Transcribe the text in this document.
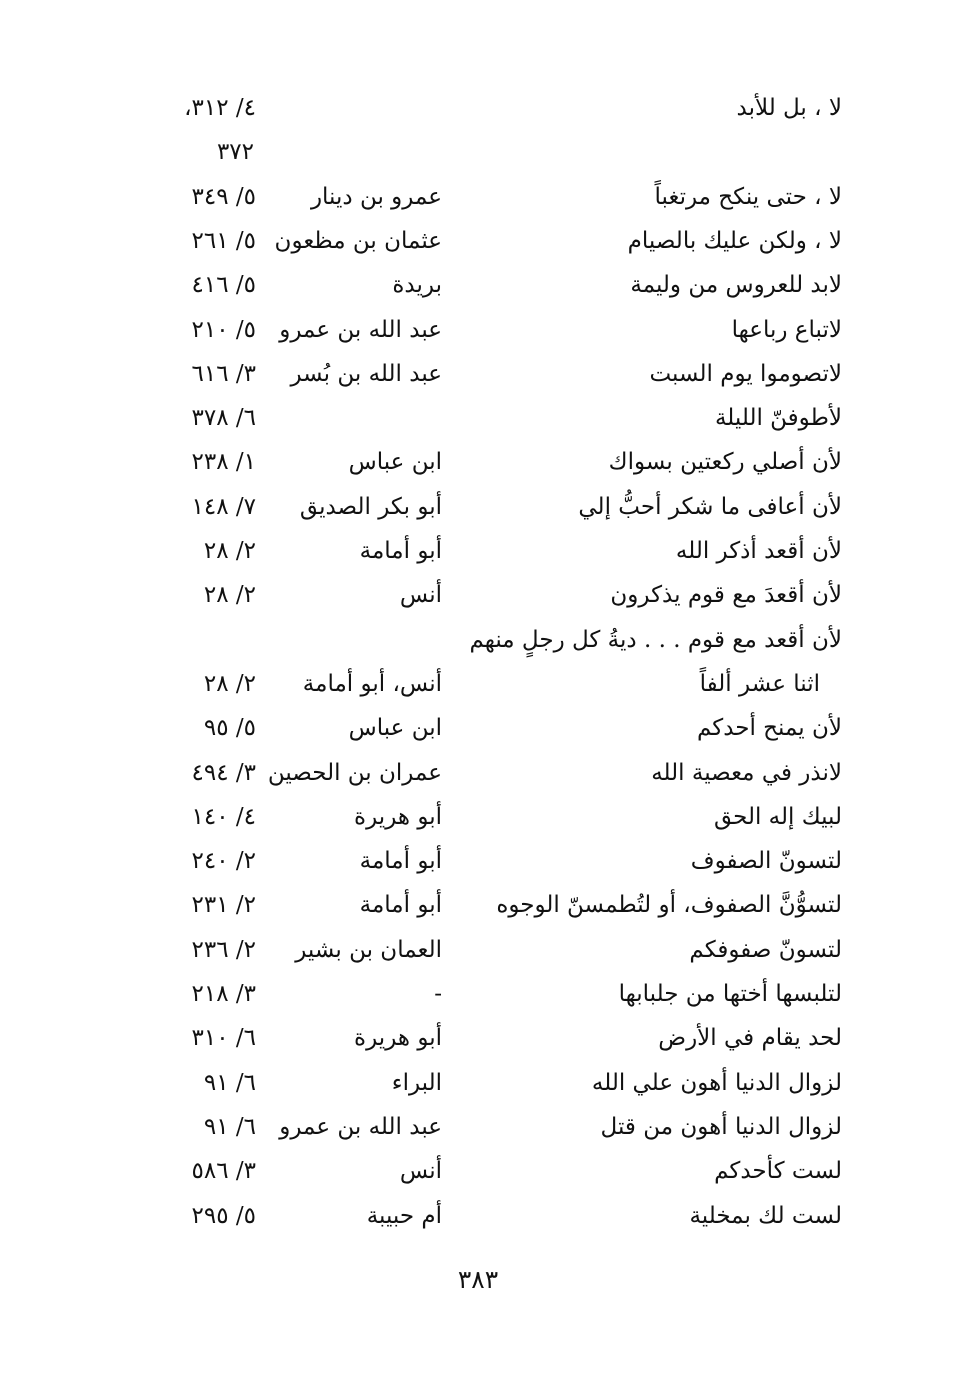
لا ، بل للأبد
٤/ ٣١٢،
٣٧٢
لا ، حتى ينكح مرتغباً
عمرو بن دينار
٥/ ٣٤٩
لا ، ولكن عليك بالصيام
عثمان بن مظعون
٥/ ٢٦١
لابد للعروس من وليمة
بريدة
٥/ ٤١٦
لاتباع رباعها
عبد الله بن عمرو
٥/ ٢١٠
لاتصوموا يوم السبت
عبد الله بن بُسر
٣/ ٦١٦
لأطوفنّ الليلة
٦/ ٣٧٨
لأن أصلي ركعتين بسواك
ابن عباس
١/ ٢٣٨
لأن أعافى ما شكر أحبُّ إلي
أبو بكر الصديق
٧/ ١٤٨
لأن أقعد أذكر الله
أبو أمامة
٢/ ٢٨
لأن أقعدَ مع قوم يذكرون
أنس
٢/ ٢٨
لأن أقعد مع قوم . . . ديةُ كل رجلٍ منهم
اثنا عشر ألفاً
أنس، أبو أمامة
٢/ ٢٨
لأن يمنح أحدكم
ابن عباس
٥/ ٩٥
لانذر في معصية الله
عمران بن الحصين
٣/ ٤٩٤
لبيك إله الحق
أبو هريرة
٤/ ١٤٠
لتسونّ الصفوف
أبو أمامة
٢/ ٢٤٠
لتسوُّنَّ الصفوف، أو لتُطمسنّ الوجوه
أبو أمامة
٢/ ٢٣١
لتسونّ صفوفكم
العمان بن بشير
٢/ ٢٣٦
لتلبسها أختها من جلبابها
-
٣/ ٢١٨
لحد يقام في الأرض
أبو هريرة
٦/ ٣١٠
لزوال الدنيا أهون علي الله
البراء
٦/ ٩١
لزوال الدنيا أهون من قتل
عبد الله بن عمرو
٦/ ٩١
لست كأحدكم
أنس
٣/ ٥٨٦
لست لك بمخلية
أم حبيبة
٥/ ٢٩٥
٣٨٣
